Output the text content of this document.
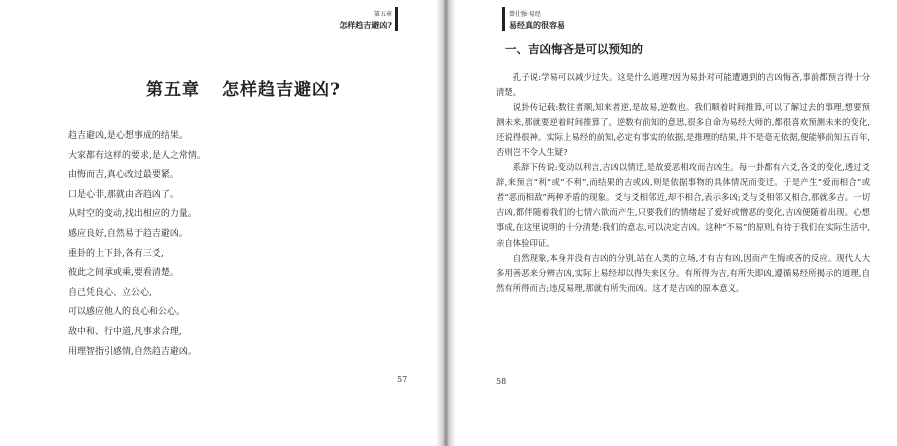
第五章
怎样趋吉避凶?
第五章 怎样趋吉避凶?
趋吉避凶,是心想事成的结果。
大家都有这样的要求,是人之常情。
由悔而吉,真心改过最要紧。
口是心非,那就由吝趋凶了。
从时空的变动,找出相应的力量。
感应良好,自然易于趋吉避凶。
重卦的上下卦,各有三爻,
彼此之间承或乘,要看清楚。
自己凭良心、立公心,
可以感应他人的良心和公心。
敌中和、行中道,凡事求合理,
用理智指引感情,自然趋吉避凶。
57
曾仕强·易经
易经真的很容易
一、吉凶悔吝是可以预知的

孔子说:学易可以减少过失。这是什么道理?因为易卦对可能遭遇到的吉凶悔吝,事前都预言得十分清楚。

说卦传记载:数往者顺,知来者逆,是故易,逆数也。我们顺着时间推算,可以了解过去的事理,想要预测未来,那就要逆着时间推算了。逆数有前知的意思,很多自命为易经大师的,都很喜欢预测未来的变化,还说得很神。实际上易经的前知,必定有事实的依据,是推理的结果,并不是毫无依据,便能够前知五百年,否则岂不令人生疑?

系辞下传说:变动以利言,吉凶以情迁,是故爱恶相攻而吉凶生。每一卦都有六爻,各爻的变化,透过爻辞,来预言“利”或“不利”,而结果的吉或凶,则是依据事物的具体情况而变迁。于是产生“爱而相合”或者“恶而相敌”两种矛盾的现象。爻与爻相邻近,却不相合,表示多凶;爻与爻相邻又相合,那就多吉。一切吉凶,都伴随着我们的七情六欲而产生,只要我们的情绪起了爱好或憎恶的变化,吉凶便随着出现。心想事成,在这里说明的十分清楚:我们的意志,可以决定吉凶。这种“不易”的原则,有待于我们在实际生活中,亲自体验印证。

自然现象,本身并没有吉凶的分别,站在人类的立场,才有吉有凶,因而产生悔或吝的反应。现代人大多用善恶来分辨吉凶,实际上易经却以得失来区分。有所得为吉,有所失即凶,遵循易经所揭示的道理,自然有所得而吉;违反易理,那就有所失而凶。这才是吉凶的原本意义。

58
